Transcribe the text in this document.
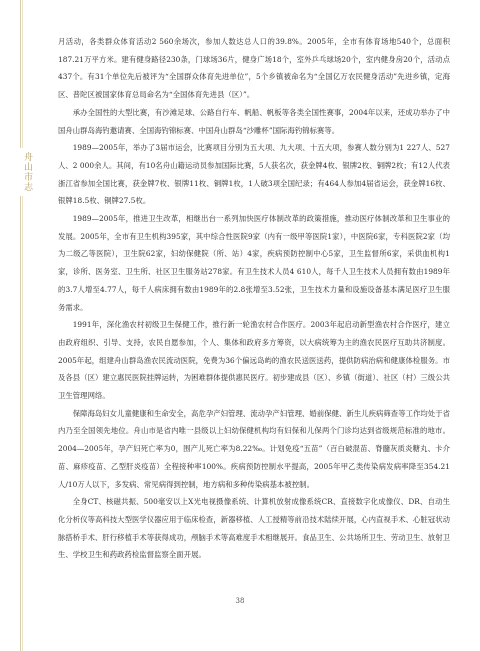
舟山市志

月活动，各类群众体育活动2 560余场次，参加人数达总人口的39.8%。2005年，全市有体育场地540个，总面积187.21万平方米。建有健身路径230条，门球场36片，健身广场18个，室外乒乓球场20个，室内健身房20个，活动点437个。有31个单位先后被评为“全国群众体育先进单位”，5个乡镇被命名为“全国亿万农民健身活动”先进乡镇，定海区、普陀区被国家体育总局命名为“全国体育先进县（区）”。

承办全国性的大型比赛，有沙滩足球、公路自行车、帆船、帆板等各类全国性赛事，2004年以来，还成功举办了中国舟山群岛海钓邀请赛、全国海钓锦标赛、中国舟山群岛“沙雕杯”国际海钓锦标赛等。

1989—2005年，举办了3届市运会，比赛项目分别为五大项、九大项、十五大项，参赛人数分别为1 227人、527人、2 000余人。其间，有10名舟山籍运动员参加国际比赛，5人获名次，获金牌4枚、银牌2枚、铜牌2枚；有12人代表浙江省参加全国比赛，获金牌7枚、银牌11枚、铜牌1枚，1人破3项全国纪录；有464人参加4届省运会，获金牌16枚、银牌18.5枚、铜牌27.5枚。

1989—2005年，推进卫生改革，相继出台一系列加快医疗体制改革的政策措施，推动医疗体制改革和卫生事业的发展。2005年，全市有卫生机构395家，其中综合性医院9家（内有一级甲等医院1家），中医院6家，专科医院2家（均为二级乙等医院），卫生院62家，妇幼保健院（所、站）4家，疾病预防控制中心5家，卫生监督所6家，采供血机构1家，诊所、医务室、卫生所、社区卫生服务站278家。有卫生技术人员4 610人，每千人卫生技术人员拥有数由1989年的3.7人增至4.77人，每千人病床拥有数由1989年的2.8张增至3.52张，卫生技术力量和设施设备基本满足医疗卫生服务需求。

1991年，深化渔农村初级卫生保健工作，推行新一轮渔农村合作医疗。2003年起启动新型渔农村合作医疗，建立由政府组织、引导、支持，农民自愿参加，个人、集体和政府多方筹资，以大病统筹为主的渔农民医疗互助共济制度。2005年起，组建舟山群岛渔农民流动医院，免费为36个偏远岛屿的渔农民送医送药，提供防病治病和健康体检服务。市及各县（区）建立惠民医院挂牌运转，为困难群体提供惠民医疗。初步建成县（区）、乡镇（街道）、社区（村）三级公共卫生管理网络。

保障海岛妇女儿童健康和生命安全，高危孕产妇管理、流动孕产妇管理、婚前保健、新生儿疾病筛查等工作均处于省内乃至全国领先地位。舟山市是省内唯一县级以上妇幼保健机构均有妇保和儿保两个门诊均达到省级规范标准的地市。2004—2005年，孕产妇死亡率为0，围产儿死亡率为8.22‰。计划免疫“五苗”（百白破混苗、脊髓灰质炎糖丸、卡介苗、麻疹疫苗、乙型肝炎疫苗）全程接种率100%。疾病预防控制水平提高，2005年甲乙类传染病发病率降至354.21人/10万人以下，多发病、常见病得到控制，地方病和多种传染病基本被控制。

全身CT、核磁共振、500毫安以上X光电视摄像系统、计算机放射成像系统CR、直接数字化成像仪、DR、自动生化分析仪等高科技大型医学仪器应用于临床检查，新器移植、人工授精等前沿技术陆续开展，心内直视手术、心脏冠状动脉搭桥手术、肝行移植手术等获得成功，颅脑手术等高难度手术相继展开。食品卫生、公共场所卫生、劳动卫生、放射卫生、学校卫生和药政药检监督监察全面开展。

38
